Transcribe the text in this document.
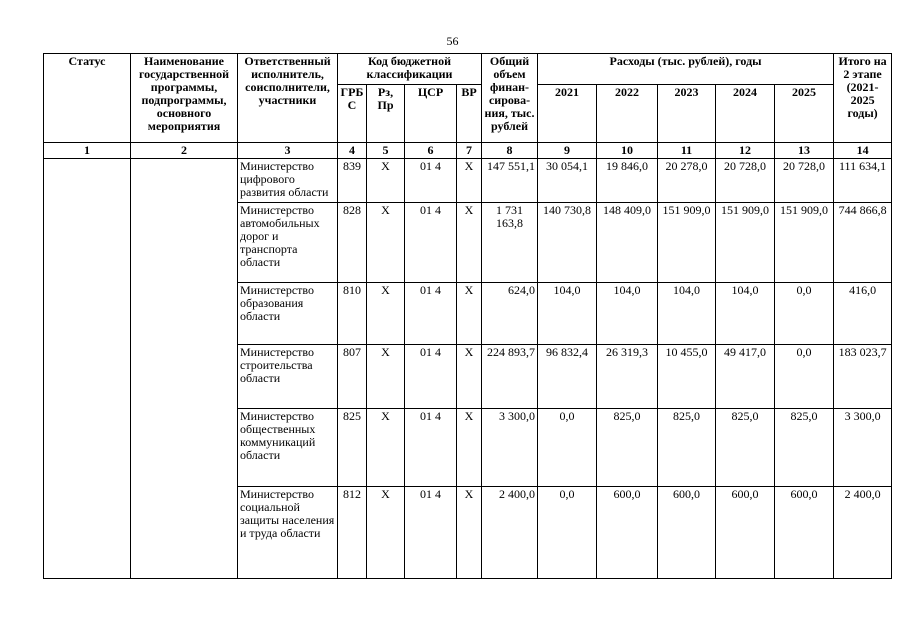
56
Статус	Наименование государственной программы, подпрограммы, основного мероприятия	Ответственный исполнитель, соисполнители, участники	Код бюджетной классификации				Общий объем финан-сирова-ния, тыс. рублей	Расходы (тыс. рублей), годы					Итого на 2 этапе (2021-2025 годы)
			ГРБ С	Рз, Пр	ЦСР	ВР		2021	2022	2023	2024	2025	
1	2	3	4	5	6	7	8	9	10	11	12	13	14
		Министерство цифрового развития области	839	Х	01 4	Х	147 551,1	30 054,1	19 846,0	20 278,0	20 728,0	20 728,0	111 634,1
		Министерство автомобильных дорог и транспорта области	828	Х	01 4	Х	1 731 163,8	140 730,8	148 409,0	151 909,0	151 909,0	151 909,0	744 866,8
		Министерство образования области	810	Х	01 4	Х	624,0	104,0	104,0	104,0	104,0	0,0	416,0
		Министерство строительства области	807	Х	01 4	Х	224 893,7	96 832,4	26 319,3	10 455,0	49 417,0	0,0	183 023,7
		Министерство общественных коммуникаций области	825	Х	01 4	Х	3 300,0	0,0	825,0	825,0	825,0	825,0	3 300,0
		Министерство социальной защиты населения и труда области	812	Х	01 4	Х	2 400,0	0,0	600,0	600,0	600,0	600,0	2 400,0
